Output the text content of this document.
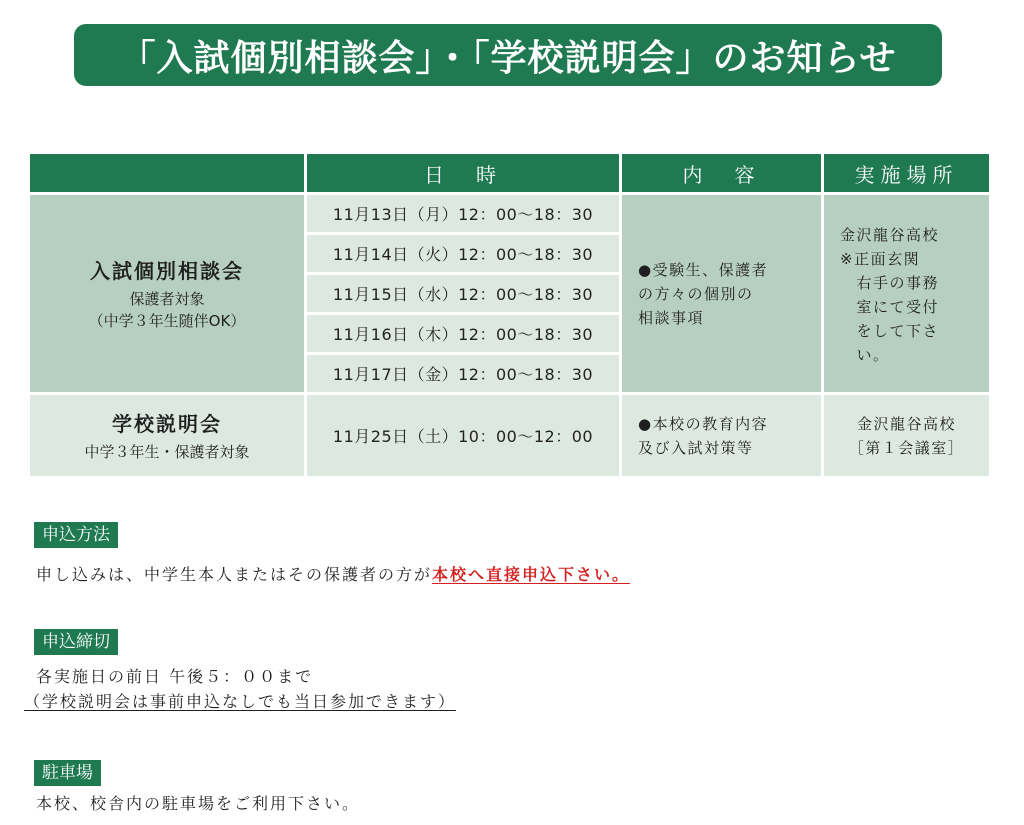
「入試個別相談会」・「学校説明会」のお知らせ
日　時	内　容	実施場所
入試個別相談会
保護者対象
（中学３年生随伴OK）
11月13日（月）12：00〜18：30
11月14日（火）12：00〜18：30
11月15日（水）12：00〜18：30
11月16日（木）12：00〜18：30
11月17日（金）12：00〜18：30
●受験生、保護者
の方々の個別の
相談事項
金沢龍谷高校
※正面玄関
　右手の事務
　室にて受付
　をして下さ
　い。
学校説明会
中学３年生・保護者対象
11月25日（土）10：00〜12：00
●本校の教育内容
及び入試対策等
金沢龍谷高校
［第１会議室］
申込方法
申し込みは、中学生本人またはその保護者の方が本校へ直接申込下さい。
申込締切
各実施日の前日 午後５：００まで
（学校説明会は事前申込なしでも当日参加できます）
駐車場
本校、校舎内の駐車場をご利用下さい。
